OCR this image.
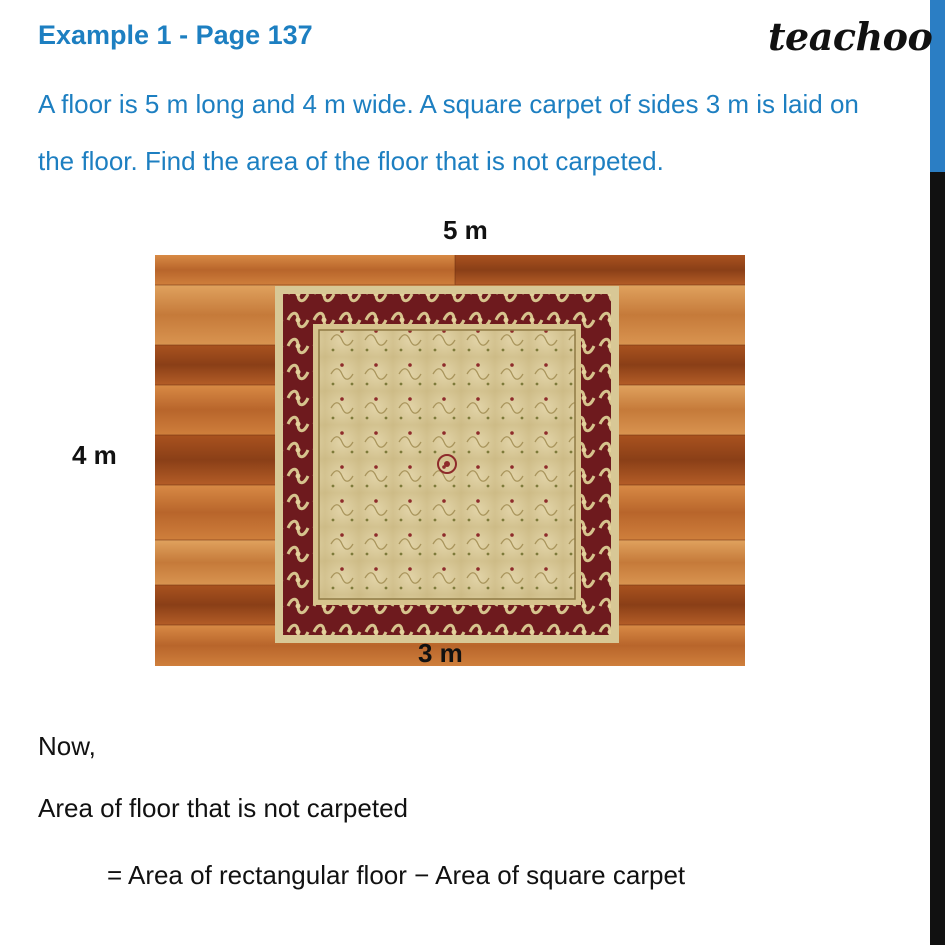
Example 1 - Page 137	teachoo
A floor is 5 m long and 4 m wide. A square carpet of sides 3 m is laid on the floor. Find the area of the floor that is not carpeted.
5 m
4 m
3 m
Now,
Area of floor that is not carpeted
= Area of rectangular floor − Area of square carpet
